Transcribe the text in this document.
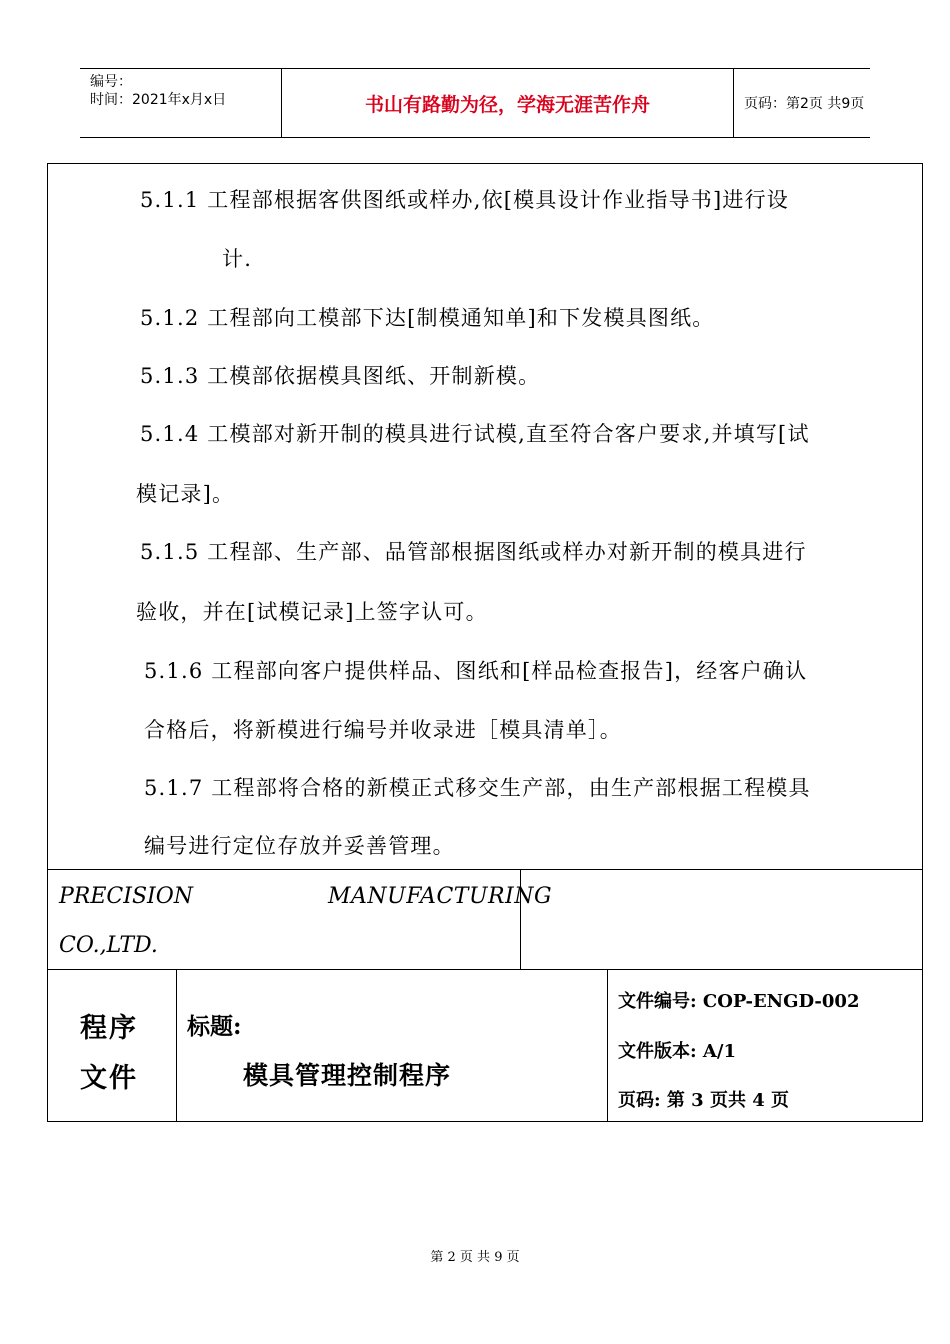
编号：
时间：2021年x月x日	书山有路勤为径，学海无涯苦作舟	页码：第2页 共9页
5.1.1 工程部根据客供图纸或样办,依[模具设计作业指导书]进行设
计.
5.1.2 工程部向工模部下达[制模通知单]和下发模具图纸。
5.1.3 工模部依据模具图纸、开制新模。
5.1.4 工模部对新开制的模具进行试模,直至符合客户要求,并填写[试
模记录]。
5.1.5 工程部、生产部、品管部根据图纸或样办对新开制的模具进行
验收，并在[试模记录]上签字认可。
5.1.6 工程部向客户提供样品、图纸和[样品检查报告]，经客户确认
合格后，将新模进行编号并收录进［模具清单］。
5.1.7 工程部将合格的新模正式移交生产部，由生产部根据工程模具
编号进行定位存放并妥善管理。
PRECISION	MANUFACTURING
CO.,LTD.
程序
文件
标题:
模具管理控制程序
文件编号: COP-ENGD-002
文件版本: A/1
页码: 第 3 页共 4 页
第 2 页 共 9 页
